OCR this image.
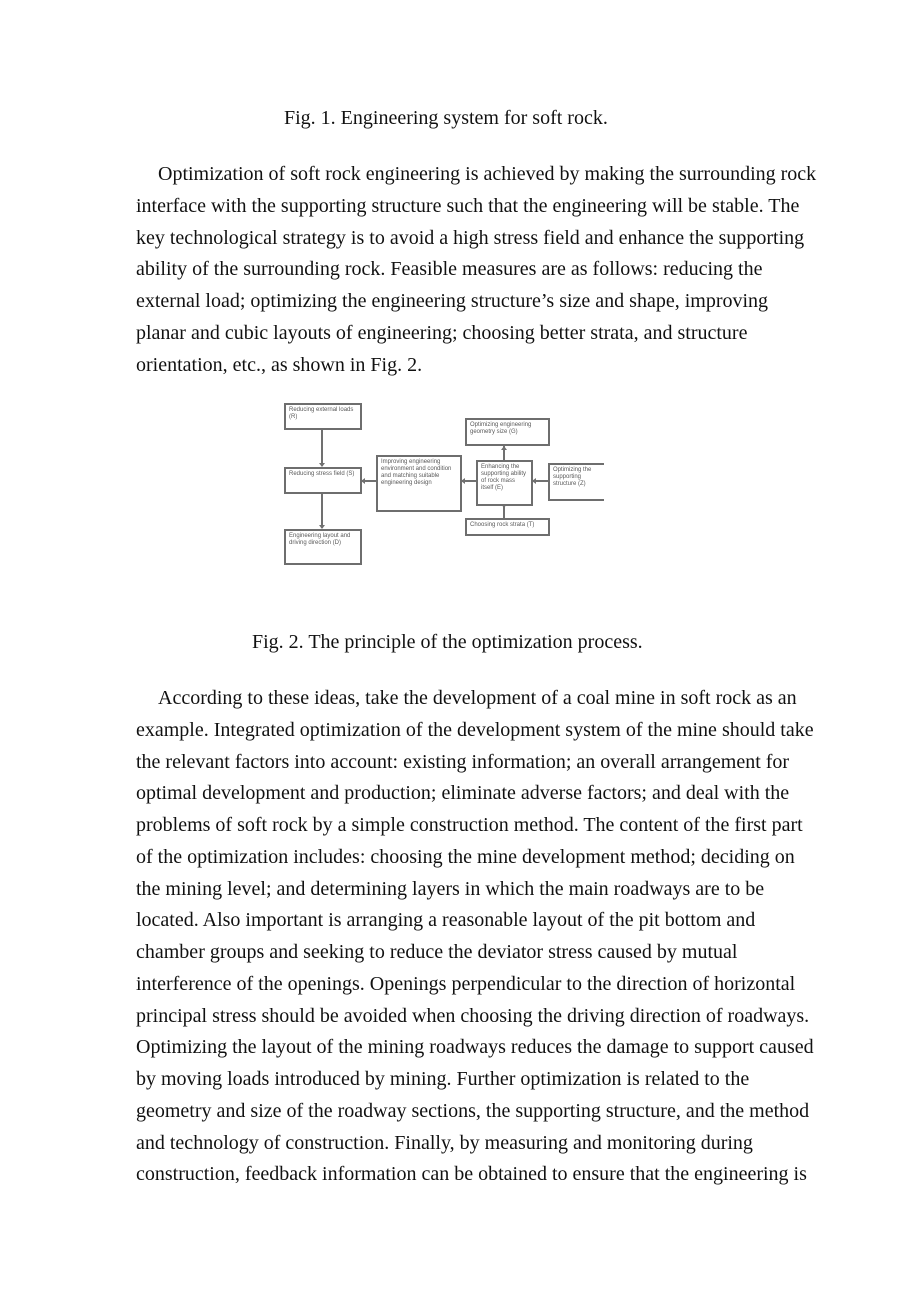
Fig. 1. Engineering system for soft rock.

Optimization of soft rock engineering is achieved by making the surrounding rock
interface with the supporting structure such that the engineering will be stable. The
key technological strategy is to avoid a high stress field and enhance the supporting
ability of the surrounding rock. Feasible measures are as follows: reducing the
external load; optimizing the engineering structure’s size and shape, improving
planar and cubic layouts of engineering; choosing better strata, and structure
orientation, etc., as shown in Fig. 2.

Reducing external loads (R)
Reducing stress field (S)
Engineering layout and driving direction (D)
Improving engineering environment and condition and matching suitable engineering design
Optimizing engineering geometry size (G)
Enhancing the supporting ability of rock mass itself (E)
Optimizing the supporting structure (Z)
Choosing rock strata (T)
Fig. 2. The principle of the optimization process.

According to these ideas, take the development of a coal mine in soft rock as an
example. Integrated optimization of the development system of the mine should take
the relevant factors into account: existing information; an overall arrangement for
optimal development and production; eliminate adverse factors; and deal with the
problems of soft rock by a simple construction method. The content of the first part
of the optimization includes: choosing the mine development method; deciding on
the mining level; and determining layers in which the main roadways are to be
located. Also important is arranging a reasonable layout of the pit bottom and
chamber groups and seeking to reduce the deviator stress caused by mutual
interference of the openings. Openings perpendicular to the direction of horizontal
principal stress should be avoided when choosing the driving direction of roadways.
Optimizing the layout of the mining roadways reduces the damage to support caused
by moving loads introduced by mining. Further optimization is related to the
geometry and size of the roadway sections, the supporting structure, and the method
and technology of construction. Finally, by measuring and monitoring during
construction, feedback information can be obtained to ensure that the engineering is
